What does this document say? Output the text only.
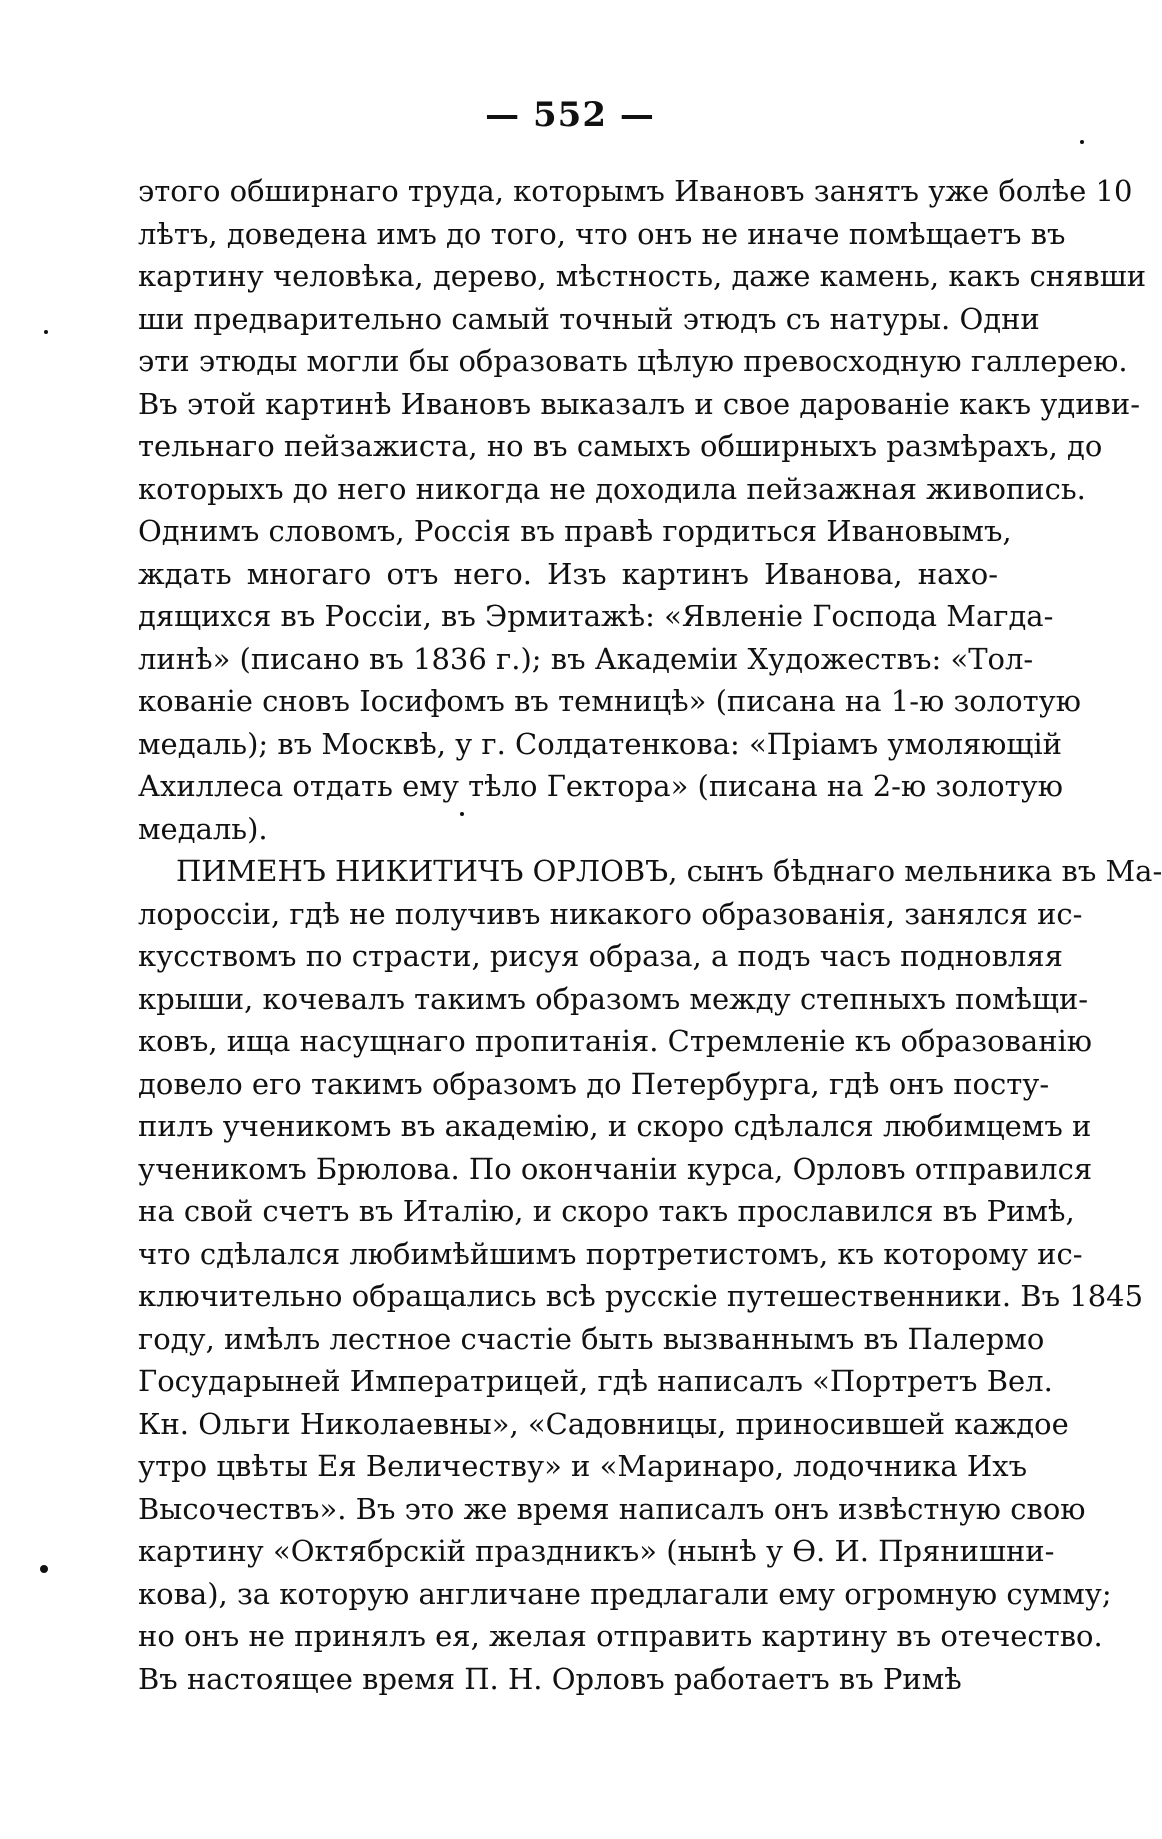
— 552 —
этого обширнаго труда, которымъ Ивановъ занятъ уже болѣе 10
лѣтъ, доведена имъ до того, что онъ не иначе помѣщаетъ въ
картину человѣка, дерево, мѣстность, даже камень, какъ снявши
ши предварительно самый точный этюдъ съ натуры. Одни
эти этюды могли бы образовать цѣлую превосходную галлерею.
Въ этой картинѣ Ивановъ выказалъ и свое дарованіе какъ удиви-
тельнаго пейзажиста, но въ самыхъ обширныхъ размѣрахъ, до
которыхъ до него никогда не доходила пейзажная живопись.
Однимъ словомъ, Россія въ правѣ гордиться Ивановымъ,
ждать многаго отъ него. Изъ картинъ Иванова, нахо-
дящихся въ Россіи, въ Эрмитажѣ: «Явленіе Господа Магда-
линѣ» (писано въ 1836 г.); въ Академіи Художествъ: «Тол-
кованіе сновъ Іосифомъ въ темницѣ» (писана на 1-ю золотую
медаль); въ Москвѣ, у г. Солдатенкова: «Пріамъ умоляющій
Ахиллеса отдать ему тѣло Гектора» (писана на 2-ю золотую
медаль).
ПИМЕНЪ НИКИТИЧЪ ОРЛОВЪ, сынъ бѣднаго мельника въ Ма-
лороссіи, гдѣ не получивъ никакого образованія, занялся ис-
кусствомъ по страсти, рисуя образа, а подъ часъ подновляя
крыши, кочевалъ такимъ образомъ между степныхъ помѣщи-
ковъ, ища насущнаго пропитанія. Стремленіе къ образованію
довело его такимъ образомъ до Петербурга, гдѣ онъ посту-
пилъ ученикомъ въ академію, и скоро сдѣлался любимцемъ и
ученикомъ Брюлова. По окончаніи курса, Орловъ отправился
на свой счетъ въ Италію, и скоро такъ прославился въ Римѣ,
что сдѣлался любимѣйшимъ портретистомъ, къ которому ис-
ключительно обращались всѣ русскіе путешественники. Въ 1845
году, имѣлъ лестное счастіе быть вызваннымъ въ Палермо
Государыней Императрицей, гдѣ написалъ «Портретъ Вел.
Кн. Ольги Николаевны», «Садовницы, приносившей каждое
утро цвѣты Ея Величеству» и «Маринаро, лодочника Ихъ
Высочествъ». Въ это же время написалъ онъ извѣстную свою
картину «Октябрскій праздникъ» (нынѣ у Ѳ. И. Прянишни-
кова), за которую англичане предлагали ему огромную сумму;
но онъ не принялъ ея, желая отправить картину въ отечество.
Въ настоящее время П. Н. Орловъ работаетъ въ Римѣ
